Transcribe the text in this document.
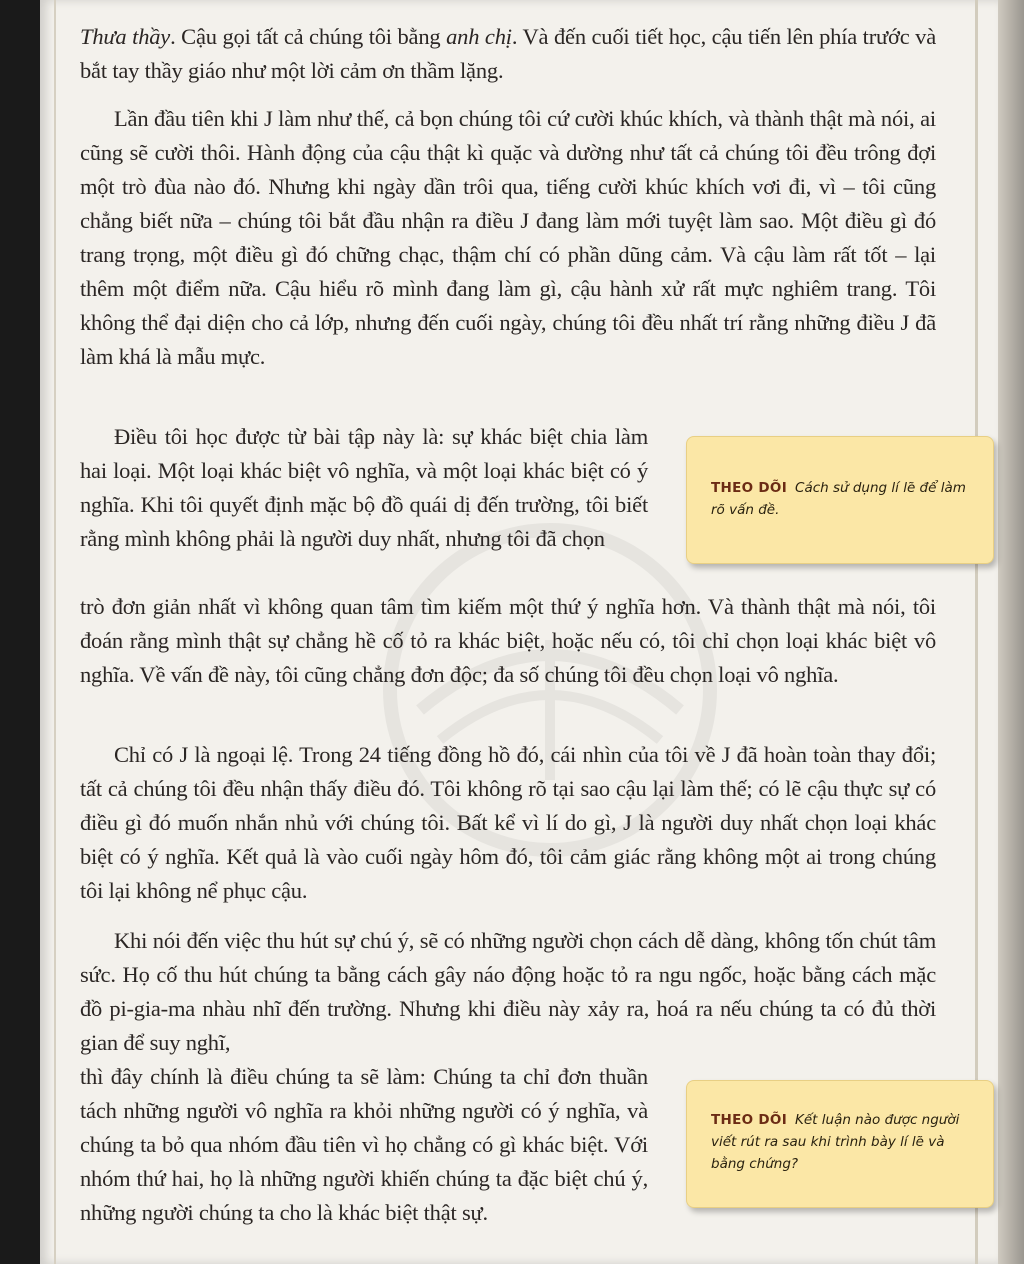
Thưa thầy. Cậu gọi tất cả chúng tôi bằng anh chị. Và đến cuối tiết học, cậu tiến lên phía trước và bắt tay thầy giáo như một lời cảm ơn thầm lặng.

Lần đầu tiên khi J làm như thế, cả bọn chúng tôi cứ cười khúc khích, và thành thật mà nói, ai cũng sẽ cười thôi. Hành động của cậu thật kì quặc và dường như tất cả chúng tôi đều trông đợi một trò đùa nào đó. Nhưng khi ngày dần trôi qua, tiếng cười khúc khích vơi đi, vì – tôi cũng chẳng biết nữa – chúng tôi bắt đầu nhận ra điều J đang làm mới tuyệt làm sao. Một điều gì đó trang trọng, một điều gì đó chững chạc, thậm chí có phần dũng cảm. Và cậu làm rất tốt – lại thêm một điểm nữa. Cậu hiểu rõ mình đang làm gì, cậu hành xử rất mực nghiêm trang. Tôi không thể đại diện cho cả lớp, nhưng đến cuối ngày, chúng tôi đều nhất trí rằng những điều J đã làm khá là mẫu mực.

Điều tôi học được từ bài tập này là: sự khác biệt chia làm hai loại. Một loại khác biệt vô nghĩa, và một loại khác biệt có ý nghĩa. Khi tôi quyết định mặc bộ đồ quái dị đến trường, tôi biết rằng mình không phải là người duy nhất, nhưng tôi đã chọn

trò đơn giản nhất vì không quan tâm tìm kiếm một thứ ý nghĩa hơn. Và thành thật mà nói, tôi đoán rằng mình thật sự chẳng hề cố tỏ ra khác biệt, hoặc nếu có, tôi chỉ chọn loại khác biệt vô nghĩa. Về vấn đề này, tôi cũng chẳng đơn độc; đa số chúng tôi đều chọn loại vô nghĩa.

Chỉ có J là ngoại lệ. Trong 24 tiếng đồng hồ đó, cái nhìn của tôi về J đã hoàn toàn thay đổi; tất cả chúng tôi đều nhận thấy điều đó. Tôi không rõ tại sao cậu lại làm thế; có lẽ cậu thực sự có điều gì đó muốn nhắn nhủ với chúng tôi. Bất kể vì lí do gì, J là người duy nhất chọn loại khác biệt có ý nghĩa. Kết quả là vào cuối ngày hôm đó, tôi cảm giác rằng không một ai trong chúng tôi lại không nể phục cậu.

Khi nói đến việc thu hút sự chú ý, sẽ có những người chọn cách dễ dàng, không tốn chút tâm sức. Họ cố thu hút chúng ta bằng cách gây náo động hoặc tỏ ra ngu ngốc, hoặc bằng cách mặc đồ pi-gia-ma nhàu nhĩ đến trường. Nhưng khi điều này xảy ra, hoá ra nếu chúng ta có đủ thời gian để suy nghĩ,

thì đây chính là điều chúng ta sẽ làm: Chúng ta chỉ đơn thuần tách những người vô nghĩa ra khỏi những người có ý nghĩa, và chúng ta bỏ qua nhóm đầu tiên vì họ chẳng có gì khác biệt. Với nhóm thứ hai, họ là những người khiến chúng ta đặc biệt chú ý, những người chúng ta cho là khác biệt thật sự.

THEO DÕI Cách sử dụng lí lẽ để làm rõ vấn đề.
THEO DÕI Kết luận nào được người viết rút ra sau khi trình bày lí lẽ và bằng chứng?
